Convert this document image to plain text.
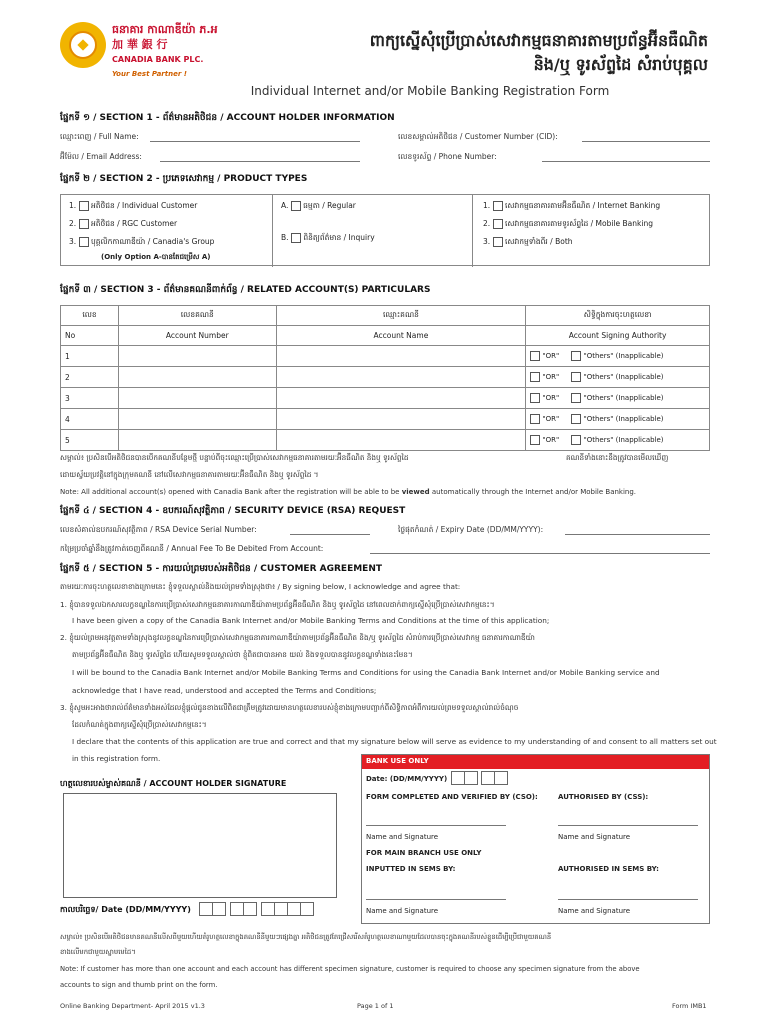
ធនាគារ កាណាឌីយ៉ា ភ.អ
加 華 銀 行
CANADIA BANK PLC.
Your Best Partner !
ពាក្យស្នើសុំប្រើប្រាស់សេវាកម្មធនាគារតាមប្រព័ន្ធអ៊ីនធឺណិត
និង/ឬ ទូរស័ព្ទដៃ សំរាប់បុគ្គល
Individual Internet and/or Mobile Banking Registration Form
ផ្នែកទី ១ / SECTION 1 - ព័ត៌មានអតិថិជន / ACCOUNT HOLDER INFORMATION
ឈ្មោះពេញ / Full Name:
អ៊ីម៉ែល / Email Address:
លេខសម្គាល់អតិថិជន / Customer Number (CID):
លេខទូរស័ព្ទ / Phone Number:
ផ្នែកទី ២ / SECTION 2 - ប្រភេទសេវាកម្ម / PRODUCT TYPES
1. អតិថិជន / Individual Customer
2. អតិថិជន / RGC Customer
3. បុគ្គលិកកាណាឌីយ៉ា / Canadia's Group
(Only Option A-បានតែជម្រើស A)
A. ធម្មតា / Regular
B. ពិនិត្យព័ត៌មាន / Inquiry
1. សេវាកម្មធនាគារតាមអ៊ីនធឺណិត / Internet Banking
2. សេវាកម្មធនាគារតាមទូរស័ព្ទដៃ / Mobile Banking
3. សេវាកម្មទាំងពីរ / Both
ផ្នែកទី ៣ / SECTION 3 - ព័ត៌មានគណនីពាក់ព័ន្ធ / RELATED ACCOUNT(S) PARTICULARS
លេខ	លេខគណនី	ឈ្មោះគណនី	សិទ្ធិក្នុងការចុះហត្ថលេខា
No	Account Number	Account Name	Account Signing Authority
1			"OR" "Others" (Inapplicable)

2			"OR" "Others" (Inapplicable)

3			"OR" "Others" (Inapplicable)

4			"OR" "Others" (Inapplicable)

5			"OR" "Others" (Inapplicable)
សម្គាល់៖ ប្រសិនបើអតិថិជនបានបើកគណនីបន្ថែមថ្មី បន្ទាប់ពីចុះឈ្មោះប្រើប្រាស់សេវាកម្មធនាគារតាមរយៈអ៊ីនធឺណិត និងឬ ទូរស័ព្ទដៃ	គណនីទាំងនោះនឹងត្រូវបានមើលឃើញ
ដោយស្វ័យប្រវត្តិនៅក្នុងក្រុមគណនី នៅលើសេវាកម្មធនាគារតាមរយៈអ៊ីនធឺណិត និងឬ ទូរស័ព្ទដៃ ។
Note: All additional account(s) opened with Canadia Bank after the registration will be able to be viewed automatically through the Internet and/or Mobile Banking.
ផ្នែកទី ៤ / SECTION 4 - ឧបករណ៍សុវត្ថិភាព / SECURITY DEVICE (RSA) REQUEST
លេខសំគាល់ឧបករណ៍សុវត្ថិភាព / RSA Device Serial Number:	ថ្ងៃផុតកំណត់ / Expiry Date (DD/MM/YYYY):
កម្រៃប្រចាំឆ្នាំនឹងត្រូវកាត់ចេញពីគណនី / Annual Fee To Be Debited From Account:
ផ្នែកទី ៥ / SECTION 5 - ការយល់ព្រមរបស់អតិថិជន / CUSTOMER AGREEMENT
តាមរយៈការចុះហត្ថលេខាខាងក្រោមនេះ ខ្ញុំទទួលស្គាល់និងយល់ព្រមទាំងស្រុងថា៖ / By signing below, I acknowledge and agree that:
1. ខ្ញុំបានទទួលឯកសារលក្ខខណ្ឌនៃការប្រើប្រាស់សេវាកម្មធនាគារកាណាឌីយ៉ាតាមប្រព័ន្ធអ៊ីនធឺណិត និងឬ ទូរស័ព្ទដៃ នៅពេលដាក់ពាក្យស្នើសុំប្រើប្រាស់សេវាកម្មនេះ។
I have been given a copy of the Canadia Bank Internet and/or Mobile Banking Terms and Conditions at the time of this application;
2. ខ្ញុំយល់ព្រមអនុវត្តតាមទាំងស្រុងនូវលក្ខខណ្ឌនៃការប្រើប្រាស់សេវាកម្មធនាគារកាណាឌីយ៉ាតាមប្រព័ន្ធអ៊ីនធឺណិត និង/ឬ ទូរស័ព្ទដៃ សំរាប់ការប្រើប្រាស់សេវាកម្ម ធនាគារកាណាឌីយ៉ា
តាមប្រព័ន្ធអ៊ីនធឺណិត និងឬ ទូរស័ព្ទដៃ ហើយសូមទទួលស្គាល់ថា ខ្ញុំពិតជាបានអាន យល់ និងទទួលបាននូវលក្ខខណ្ឌទាំងនេះមែន។
I will be bound to the Canadia Bank Internet and/or Mobile Banking Terms and Conditions for using the Canadia Bank Internet and/or Mobile Banking service and
acknowledge that I have read, understood and accepted the Terms and Conditions;
3. ខ្ញុំសូមអះអាងថារាល់ព័ត៌មានទាំងអស់ដែលខ្ញុំផ្តល់ជូនខាងលើពិតជាត្រឹមត្រូវដោយមានហត្ថលេខារបស់ខ្ញុំខាងក្រោមបញ្ជាក់ពីសិទ្ធិភាពអំពីការយល់ព្រមទទួលស្គាល់រាល់ចំណុច
ដែលកំណត់ក្នុងពាក្យស្នើសុំប្រើប្រាស់សេវាកម្មនេះ។
I declare that the contents of this application are true and correct and that my signature below will serve as evidence to my understanding of and consent to all matters set out
in this registration form.
ហត្ថលេខារបស់ម្ចាស់គណនី / ACCOUNT HOLDER SIGNATURE
កាលបរិច្ឆេទ/ Date (DD/MM/YYYY)
BANK USE ONLY
Date: (DD/MM/YYYY)
FORM COMPLETED AND VERIFIED BY (CSO):	AUTHORISED BY (CSS):
Name and Signature	Name and Signature
FOR MAIN BRANCH USE ONLY
INPUTTED IN SEMS BY:	AUTHORISED IN SEMS BY:
Name and Signature	Name and Signature
សម្គាល់៖ ប្រសិនបើអតិថិជនមានគណនីលើសពីមួយហើយគំរូហត្ថលេខាក្នុងគណនីនីមួយៗផ្សេងគ្នា អតិថិជនត្រូវតែជ្រើសរើសគំរូហត្ថលេខាណាមួយដែលបានចុះក្នុងគណនីរបស់ខ្លួនដើម្បីប្រើជាមួយគណនី
ខាងលើមកជាមួយស្នាមមេដៃ។
Note: If customer has more than one account and each account has different specimen signature, customer is required to choose any specimen signature from the above
accounts to sign and thumb print on the form.
Online Banking Department- April 2015 v1.3	Page 1 of 1	Form IMB1
